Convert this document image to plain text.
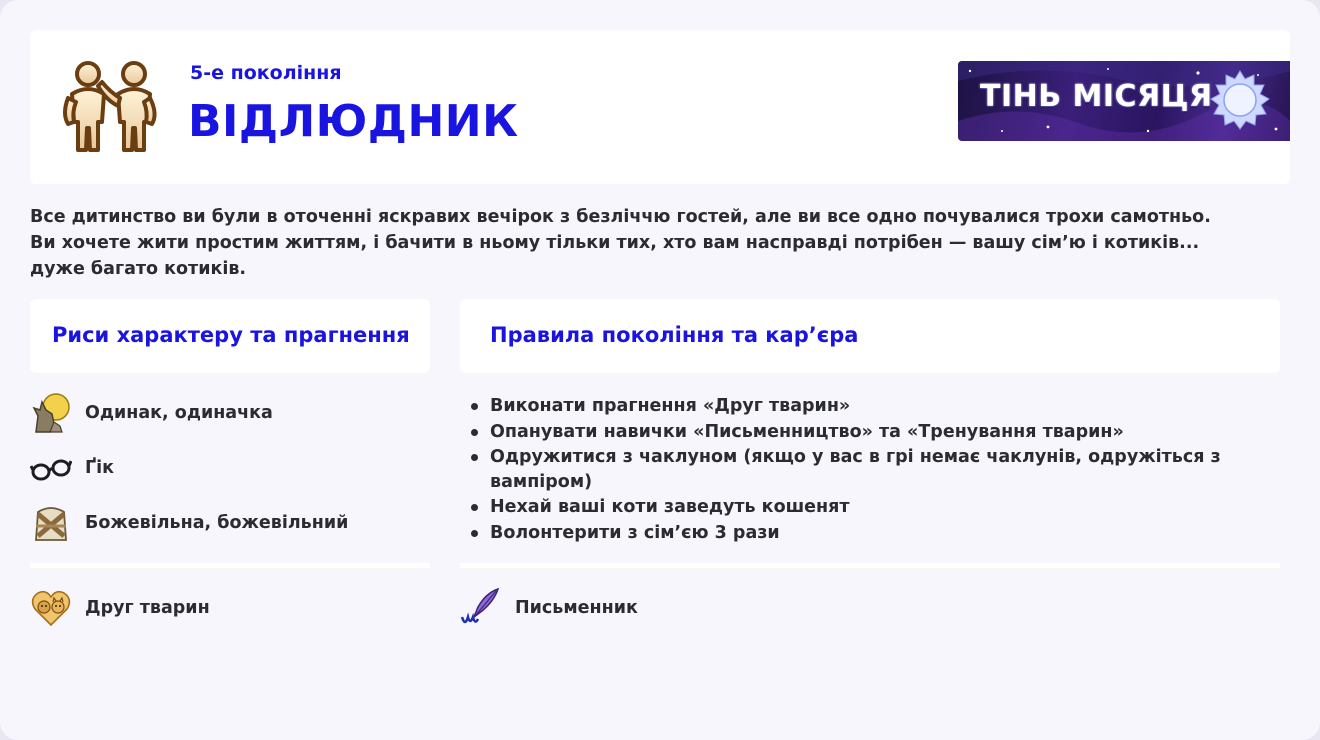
5-е покоління
ВІДЛЮДНИК	ТІНЬ МІСЯЦЯ
Все дитинство ви були в оточенні яскравих вечірок з безліччю гостей, але ви все одно почувалися трохи самотньо. Ви хочете жити простим життям, і бачити в ньому тільки тих, хто вам насправді потрібен — вашу сім’ю і котиків... дуже багато котиків.
Риси характеру та прагнення	Правила покоління та кар’єра
Одинак, одиначка
Ґік
Божевільна, божевільний
Виконати прагнення «Друг тварин»
Опанувати навички «Письменництво» та «Тренування тварин»
Одружитися з чаклуном (якщо у вас в грі немає чаклунів, одружіться з вампіром)
Нехай ваші коти заведуть кошенят
Волонтерити з сім’єю 3 рази
Друг тварин	Письменник
